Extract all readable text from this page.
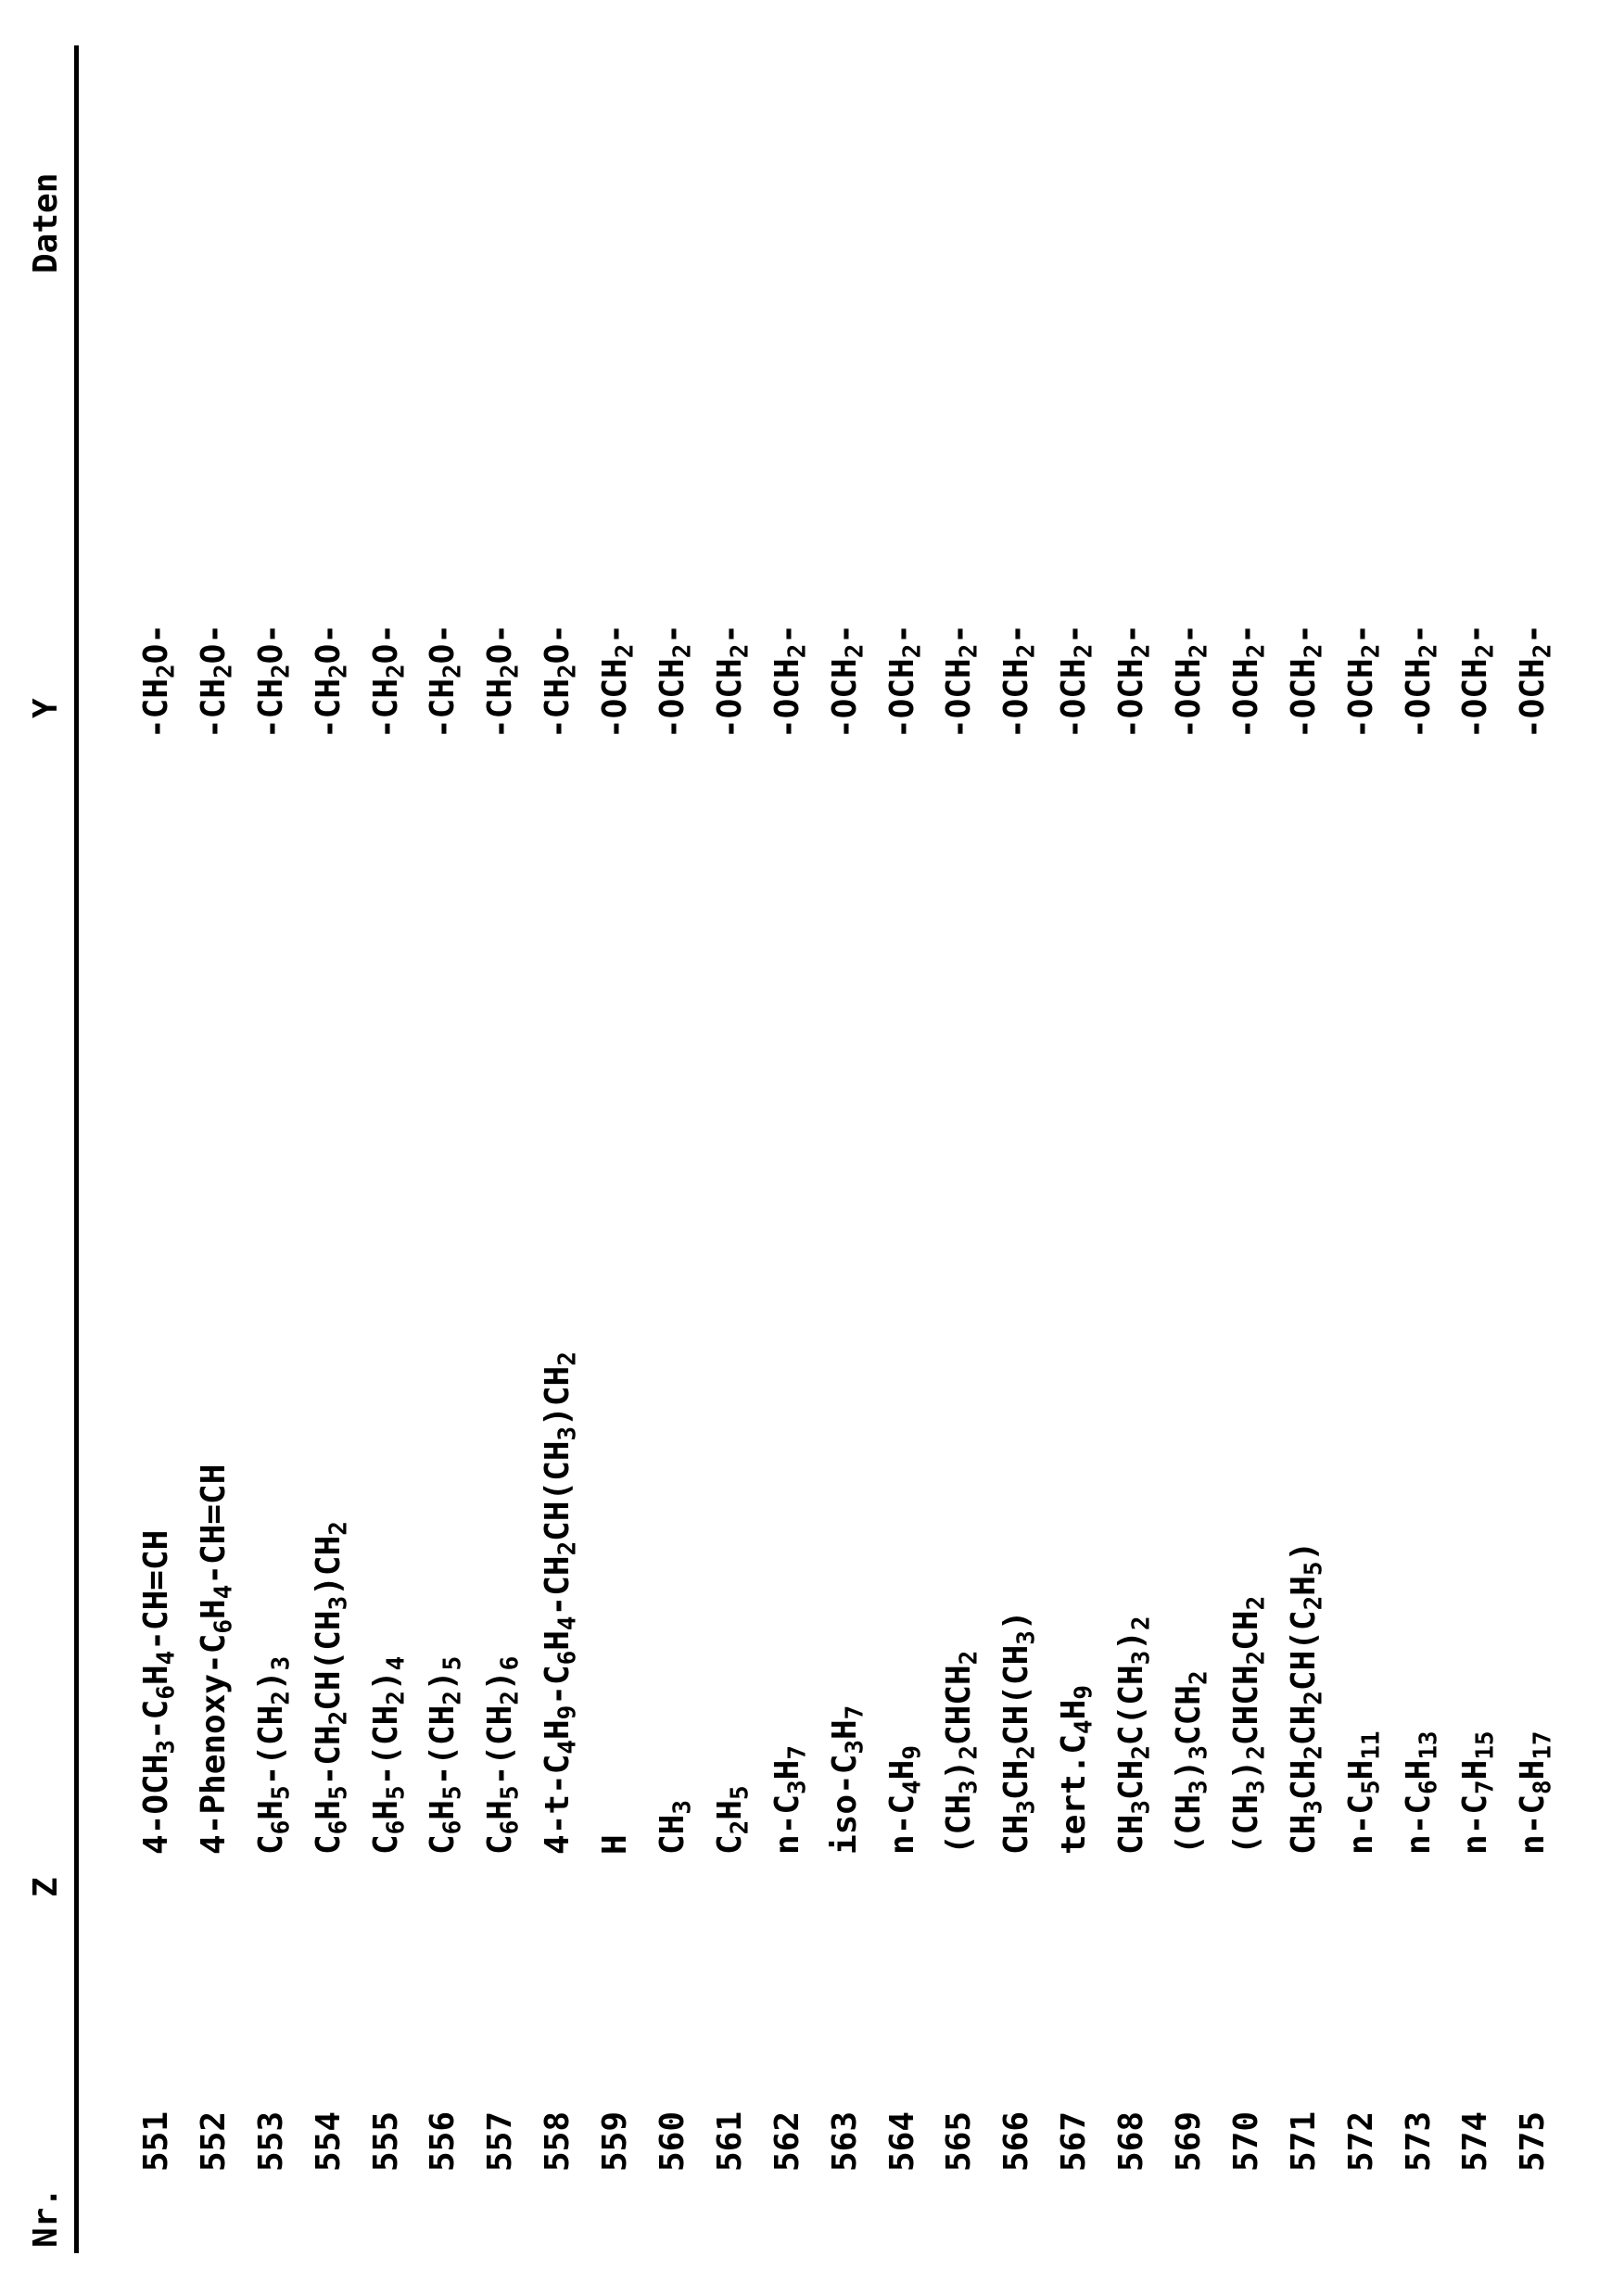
Nr.
Z
Y
Daten
551
$4-OCH_3-C_6H_4-CH=CH$
$-CH_2O-$
552
$4-Phenoxy-C_6H_4-CH=CH$
$-CH_2O-$
553
$C_6H_5-(CH_2)_3$
$-CH_2O-$
554
$C_6H_5-CH_2CH(CH_3)CH_2$
$-CH_2O-$
555
$C_6H_5-(CH_2)_4$
$-CH_2O-$
556
$C_6H_5-(CH_2)_5$
$-CH_2O-$
557
$C_6H_5-(CH_2)_6$
$-CH_2O-$
558
$4-t-C_4H_9-C_6H_4-CH_2CH(CH_3)CH_2$
$-CH_2O-$
559
H
$-OCH_2-$
560
$CH_3$
$-OCH_2-$
561
$C_2H_5$
$-OCH_2-$
562
$n-C_3H_7$
$-OCH_2-$
563
iso-$C_3H_7$
$-OCH_2-$
564
$n-C_4H_9$
$-OCH_2-$
565
$(CH_3)_2CHCH_2$
$-OCH_2-$
566
$CH_3CH_2CH(CH_3)$
$-OCH_2-$
567
$tert.C_4H_9$
$-OCH_2-$
568
$CH_3CH_2C(CH_3)_2$
$-OCH_2-$
569
$(CH_3)_3CCH_2$
$-OCH_2-$
570
$(CH_3)_2CHCH_2CH_2$
$-OCH_2-$
571
$CH_3CH_2CH_2CH(C_2H_5)$
$-OCH_2-$
572
$n-C_5H_{11}$
$-OCH_2-$
573
$n-C_6H_{13}$
$-OCH_2-$
574
$n-C_7H_{15}$
$-OCH_2-$
575
$n-C_8H_{17}$
$-OCH_2-$
